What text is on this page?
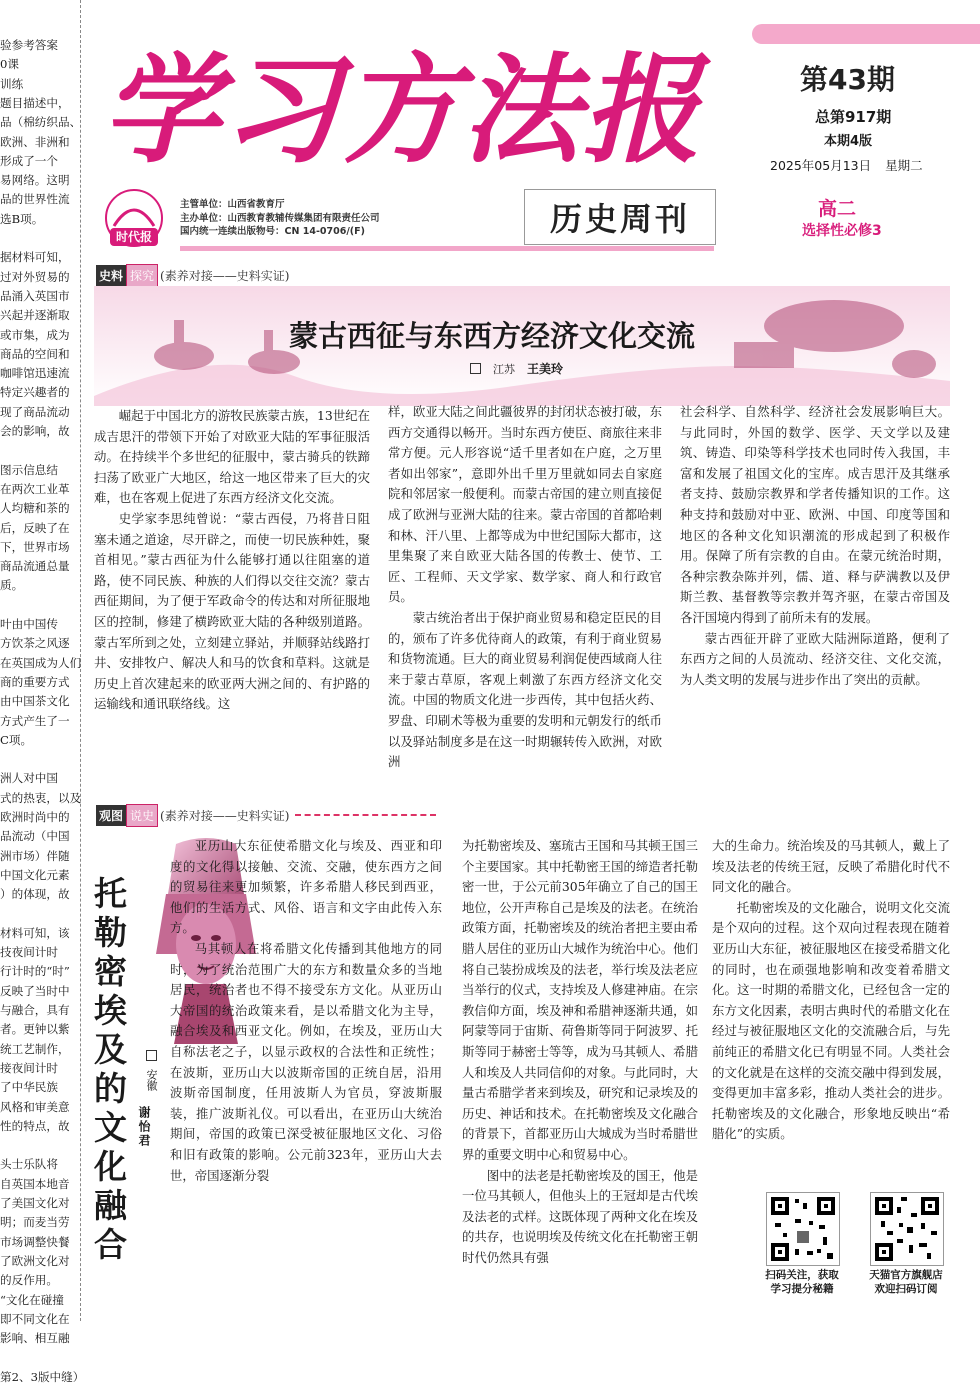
验参考答案
0课
训练
题目描述中，
品（棉纺织品、
欧洲、非洲和
形成了一个
易网络。这明
品的世界性流
选B项。
据材料可知，
过对外贸易的
品涌入英国市
兴起并逐渐取
或市集，成为
商品的空间和
咖啡馆迅速流
特定兴趣者的
现了商品流动
会的影响，故
图示信息结
在两次工业革
人均糖和茶的
后，反映了在
下，世界市场
商品流通总量
质。
叶由中国传
方饮茶之风逐
在英国成为人们
商的重要方式
由中国茶文化
方式产生了一
C项。
洲人对中国
式的热衷，以及
欧洲时尚中的
品流动（中国
洲市场）伴随
中国文化元素
）的体现，故
材料可知，该
技夜间计时
行计时的“时”
反映了当时中
与融合，具有
者。更钟以紫
统工艺制作，
接夜间计时
了中华民族
风格和审美意
性的特点，故
头士乐队将
自英国本地音
了美国文化对
明；而麦当劳
市场调整快餐
了欧洲文化对
的反作用。
“文化在碰撞
即不同文化在
影响、相互融
第2、3版中缝）
学习方法报	第43期
总第917期
本期4版
2025年05月13日 星期二
时代报
主管单位：山西省教育厅
主办单位：山西教育教辅传媒集团有限责任公司
国内统一连续出版物号：CN 14-0706/(F)	历史周刊	高二
选择性必修3
史料 探究 (素养对接——史料实证)
蒙古西征与东西方经济文化交流
江苏 王美玲

崛起于中国北方的游牧民族蒙古族，13世纪在成吉思汗的带领下开始了对欧亚大陆的军事征服活动。在持续半个多世纪的征服中，蒙古骑兵的铁蹄扫荡了欧亚广大地区，给这一地区带来了巨大的灾难，也在客观上促进了东西方经济文化交流。

史学家李思纯曾说：“蒙古西侵，乃将昔日阻塞未通之道途，尽开辟之，而使一切民族种姓，聚首相见。”蒙古西征为什么能够打通以往阻塞的道路，使不同民族、种族的人们得以交往交流？蒙古西征期间，为了便于军政命令的传达和对所征服地区的控制，修建了横跨欧亚大陆的各种级别道路。蒙古军所到之处，立刻建立驿站，并顺驿站线路打井、安排牧户、解决人和马的饮食和草料。这就是历史上首次建起来的欧亚两大洲之间的、有护路的运输线和通讯联络线。这

样，欧亚大陆之间此疆彼界的封闭状态被打破，东西方交通得以畅开。当时东西方使臣、商旅往来非常方便。元人形容说“适千里者如在户庭，之万里者如出邻家”，意即外出千里万里就如同去自家庭院和邻居家一般便利。而蒙古帝国的建立则直接促成了欧洲与亚洲大陆的往来。蒙古帝国的首都哈剌和林、汗八里、上都等成为中世纪国际大都市，这里集聚了来自欧亚大陆各国的传教士、使节、工匠、工程师、天文学家、数学家、商人和行政官员。

蒙古统治者出于保护商业贸易和稳定臣民的目的，颁布了许多优待商人的政策，有利于商业贸易和货物流通。巨大的商业贸易利润促使西域商人往来于蒙古草原，客观上刺激了东西方经济文化交流。中国的物质文化进一步西传，其中包括火药、罗盘、印刷术等极为重要的发明和元朝发行的纸币以及驿站制度多是在这一时期辗转传入欧洲，对欧洲

社会科学、自然科学、经济社会发展影响巨大。与此同时，外国的数学、医学、天文学以及建筑、铸造、印染等科学技术也同时传入我国，丰富和发展了祖国文化的宝库。成吉思汗及其继承者支持、鼓励宗教界和学者传播知识的工作。这种支持和鼓励对中亚、欧洲、中国、印度等国和地区的各种文化知识潮流的形成起到了积极作用。保障了所有宗教的自由。在蒙元统治时期，各种宗教杂陈并列，儒、道、释与萨满教以及伊斯兰教、基督教等宗教并驾齐驱，在蒙古帝国及各汗国境内得到了前所未有的发展。

蒙古西征开辟了亚欧大陆洲际道路，便利了东西方之间的人员流动、经济交往、文化交流，为人类文明的发展与进步作出了突出的贡献。

观图 说史 (素养对接——史料实证)
托勒密埃及的文化融合 安徽
谢怡君

亚历山大东征使希腊文化与埃及、西亚和印度的文化得以接触、交流、交融，使东西方之间的贸易往来更加频繁，许多希腊人移民到西亚，他们的生活方式、风俗、语言和文字由此传入东方。

马其顿人在将希腊文化传播到其他地方的同时，为了统治范围广大的东方和数量众多的当地居民，统治者也不得不接受东方文化。从亚历山大帝国的统治政策来看，是以希腊文化为主导，融合埃及和西亚文化。例如，在埃及，亚历山大自称法老之子，以显示政权的合法性和正统性；在波斯，亚历山大以波斯帝国的正统自居，沿用波斯帝国制度，任用波斯人为官员，穿波斯服装，推广波斯礼仪。可以看出，在亚历山大统治期间，帝国的政策已深受被征服地区文化、习俗和旧有政策的影响。公元前323年，亚历山大去世，帝国逐渐分裂

为托勒密埃及、塞琉古王国和马其顿王国三个主要国家。其中托勒密王国的缔造者托勒密一世，于公元前305年确立了自己的国王地位，公开声称自己是埃及的法老。在统治政策方面，托勒密埃及的统治者把主要由希腊人居住的亚历山大城作为统治中心。他们将自己装扮成埃及的法老，举行埃及法老应当举行的仪式，支持埃及人修建神庙。在宗教信仰方面，埃及神和希腊神逐渐共通，如阿蒙等同于宙斯、荷鲁斯等同于阿波罗、托斯等同于赫密士等等，成为马其顿人、希腊人和埃及人共同信仰的对象。与此同时，大量古希腊学者来到埃及，研究和记录埃及的历史、神话和技术。在托勒密埃及文化融合的背景下，首都亚历山大城成为当时希腊世界的重要文明中心和贸易中心。

图中的法老是托勒密埃及的国王，他是一位马其顿人，但他头上的王冠却是古代埃及法老的式样。这既体现了两种文化在埃及的共存，也说明埃及传统文化在托勒密王朝时代仍然具有强

大的生命力。统治埃及的马其顿人，戴上了埃及法老的传统王冠，反映了希腊化时代不同文化的融合。

托勒密埃及的文化融合，说明文化交流是个双向的过程。这个双向过程表现在随着亚历山大东征，被征服地区在接受希腊文化的同时，也在顽强地影响和改变着希腊文化。这一时期的希腊文化，已经包含一定的东方文化因素，表明古典时代的希腊文化在经过与被征服地区文化的交流融合后，与先前纯正的希腊文化已有明显不同。人类社会的文化就是在这样的交流交融中得到发展，变得更加丰富多彩，推动人类社会的进步。托勒密埃及的文化融合，形象地反映出“希腊化”的实质。

扫码关注，获取
学习提分秘籍
天猫官方旗舰店
欢迎扫码订阅
